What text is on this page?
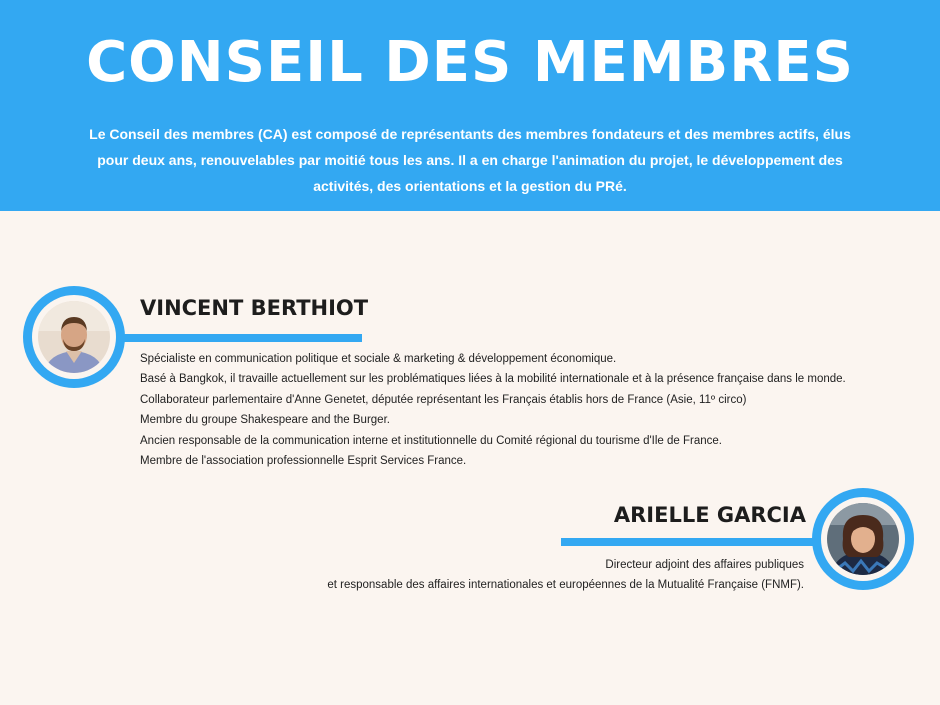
CONSEIL DES MEMBRES

Le Conseil des membres (CA) est composé de représentants des membres fondateurs et des membres actifs, élus pour deux ans, renouvelables par moitié tous les ans. Il a en charge l'animation du projet, le développement des activités, des orientations et la gestion du PRé.

VINCENT BERTHIOT
Spécialiste en communication politique et sociale & marketing & développement économique.
Basé à Bangkok, il travaille actuellement sur les problématiques liées à la mobilité internationale et à la présence française dans le monde.
Collaborateur parlementaire d'Anne Genetet, députée représentant les Français établis hors de France (Asie, 11º circo)
Membre du groupe Shakespeare and the Burger.
Ancien responsable de la communication interne et institutionnelle du Comité régional du tourisme d'Ile de France.
Membre de l'association professionnelle Esprit Services France.
ARIELLE GARCIA
Directeur adjoint des affaires publiques
et responsable des affaires internationales et européennes de la Mutualité Française (FNMF).
